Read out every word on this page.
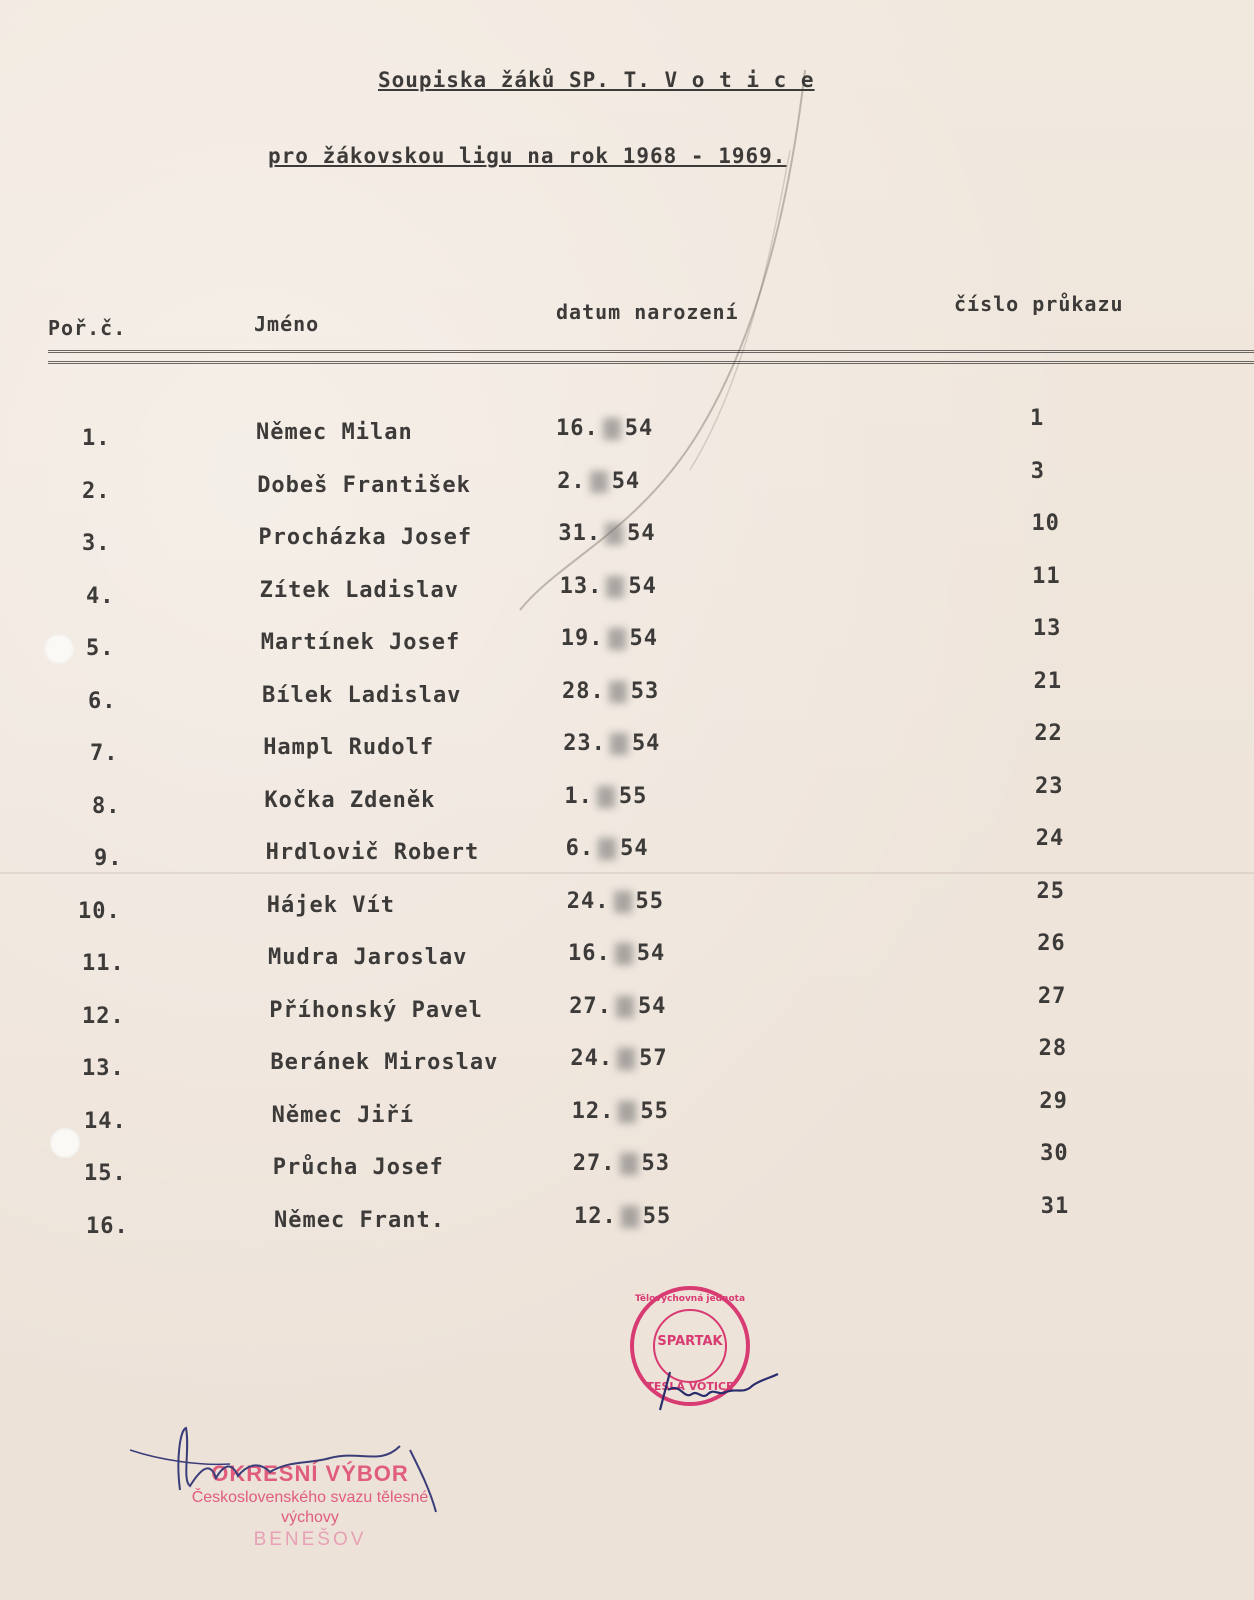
Soupiska žáků SP. T. V o t i c e
pro žákovskou ligu na rok 1968 - 1969.
Poř.č.	Jméno	datum narození	číslo průkazu
1.	Němec Milan	16. 54	1
2.	Dobeš František	2. 54	3
3.	Procházka Josef	31. 54	10
4.	Zítek Ladislav	13. 54	11
5.	Martínek Josef	19. 54	13
6.	Bílek Ladislav	28. 53	21
7.	Hampl Rudolf	23. 54	22
8.	Kočka Zdeněk	1. 55	23
9.	Hrdlovič Robert	6. 54	24
10.	Hájek Vít	24. 55	25
11.	Mudra Jaroslav	16. 54	26
12.	Příhonský Pavel	27. 54	27
13.	Beránek Miroslav	24. 57	28
14.	Němec Jiří	12. 55	29
15.	Průcha Josef	27. 53	30
16.	Němec Frant.	12. 55	31
Tělovýchovná jednota
SPARTAK
TESLA VOTICE
OKRESNÍ VÝBOR
Československého svazu tělesné
výchovy
BENEŠOV
